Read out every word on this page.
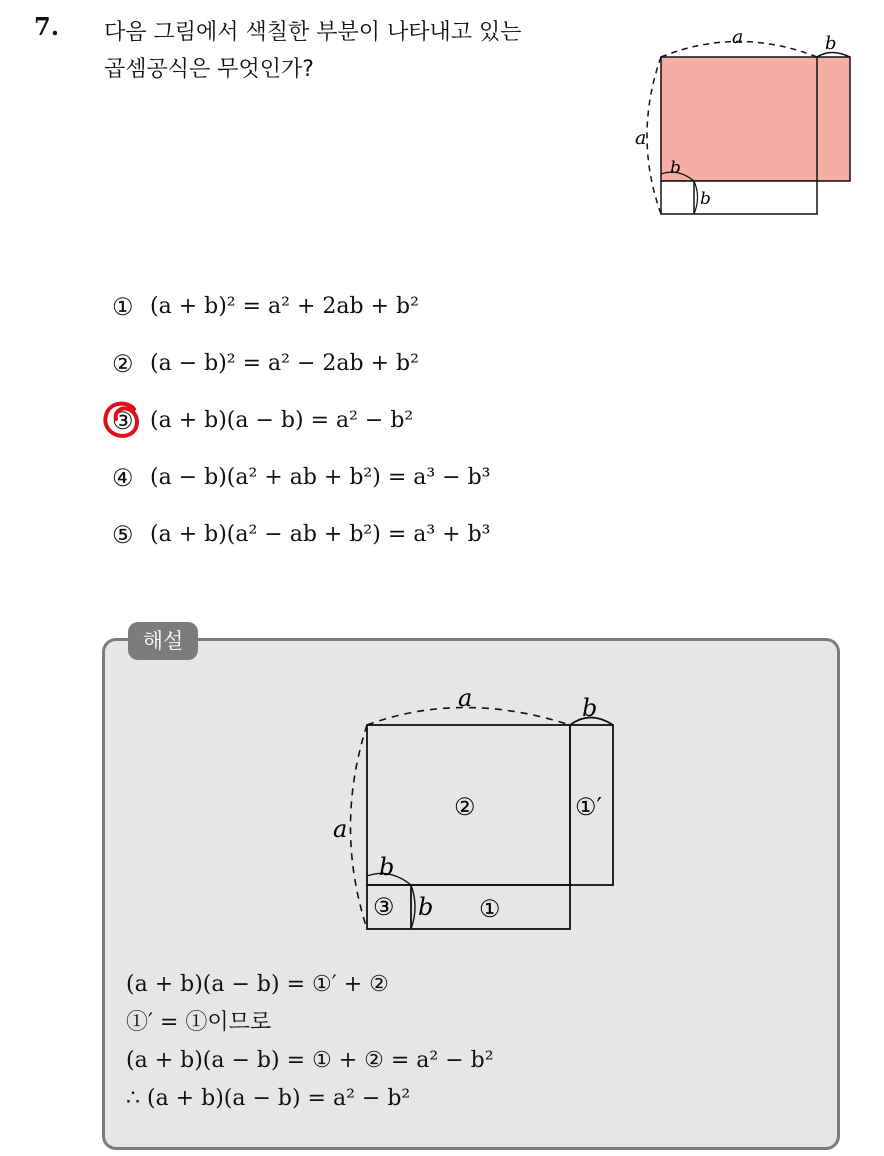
7. 다음 그림에서 색칠한 부분이 나타내고 있는
곱셈공식은 무엇인가?
a	b
a
b
b
① (a + b)² = a² + 2ab + b²
② (a − b)² = a² − 2ab + b²
③ (a + b)(a − b) = a² − b²
④ (a − b)(a² + ab + b²) = a³ − b³
⑤ (a + b)(a² − ab + b²) = a³ + b³
해설
a	b
a
b
b
②	①′
③	①
(a + b)(a − b) = ①′ + ②
①′ = ①이므로
(a + b)(a − b) = ① + ② = a² − b²
∴ (a + b)(a − b) = a² − b²
